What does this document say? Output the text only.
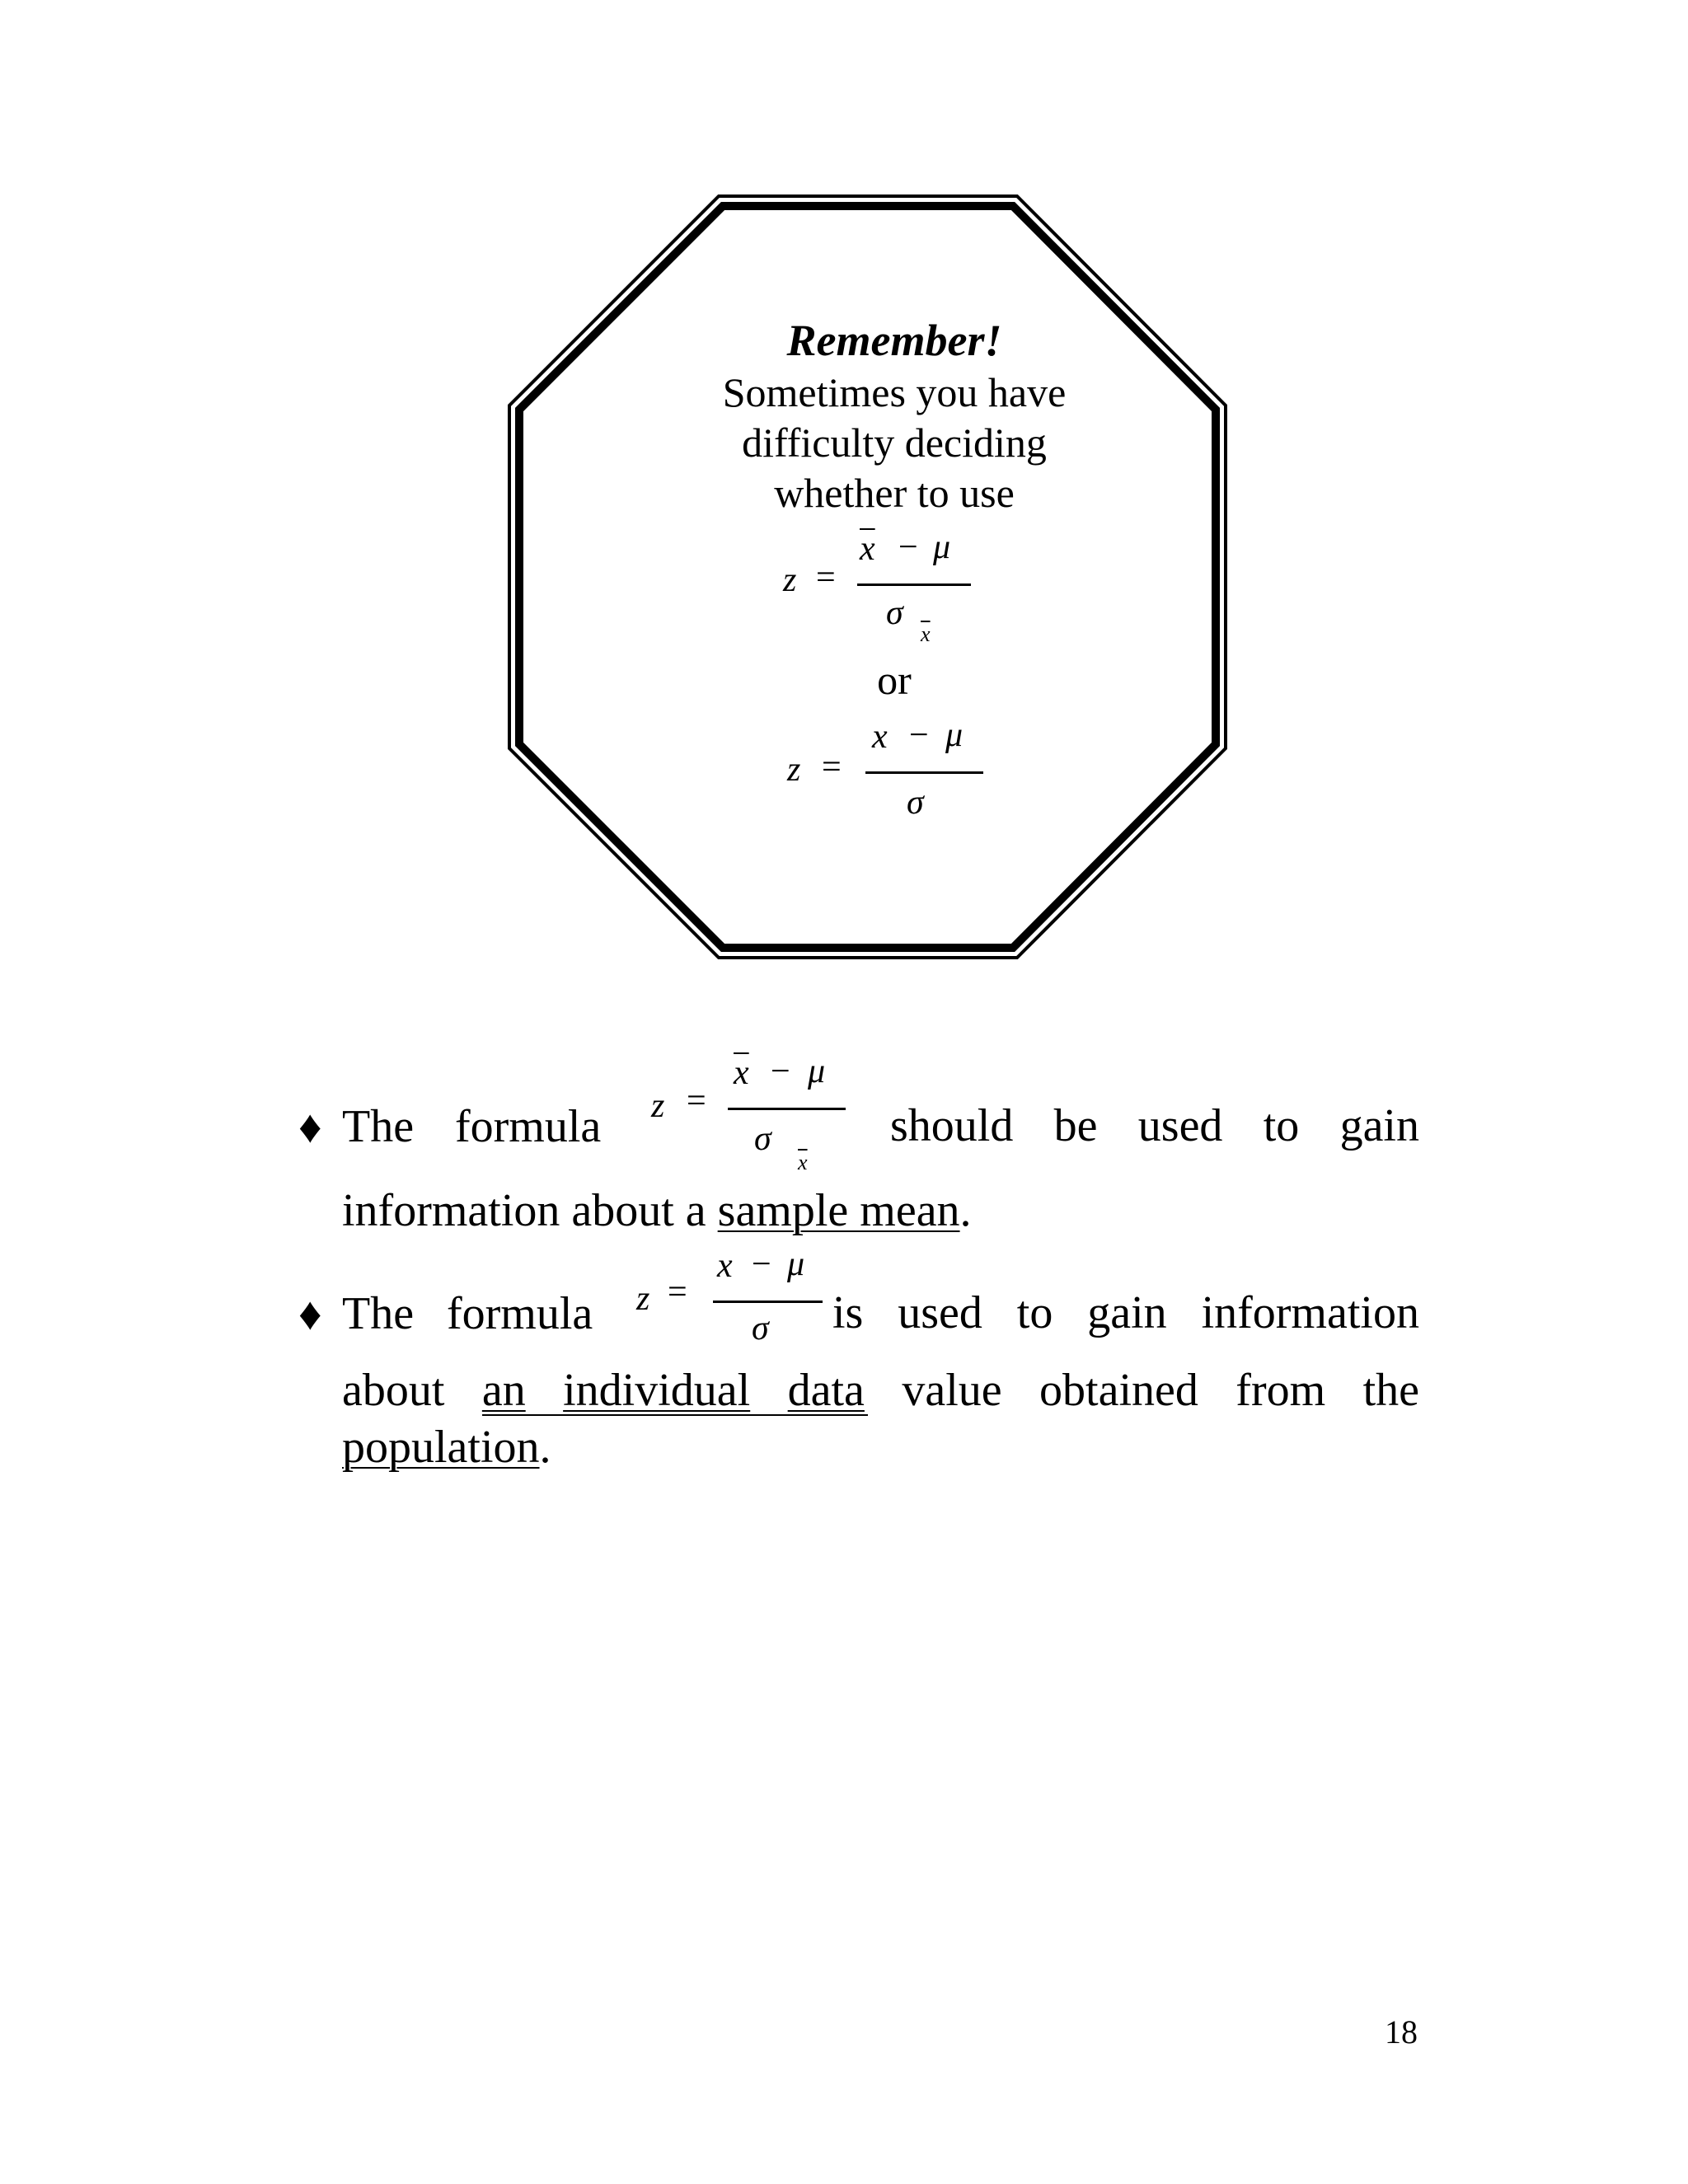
Remember!
Sometimes you have
difficulty deciding
whether to use
z =
$\overline{x} - \mu$
σ
$\overline{x}$
or
z =
x − μ
σ
♦ The formula z =
$\overline{x} - \mu$
σ
$\overline{x}$
should be used to gain
information about a sample mean.
♦ The formula z =
x − μ
σ is used to gain information
about an individual data value obtained from the
population.
18
